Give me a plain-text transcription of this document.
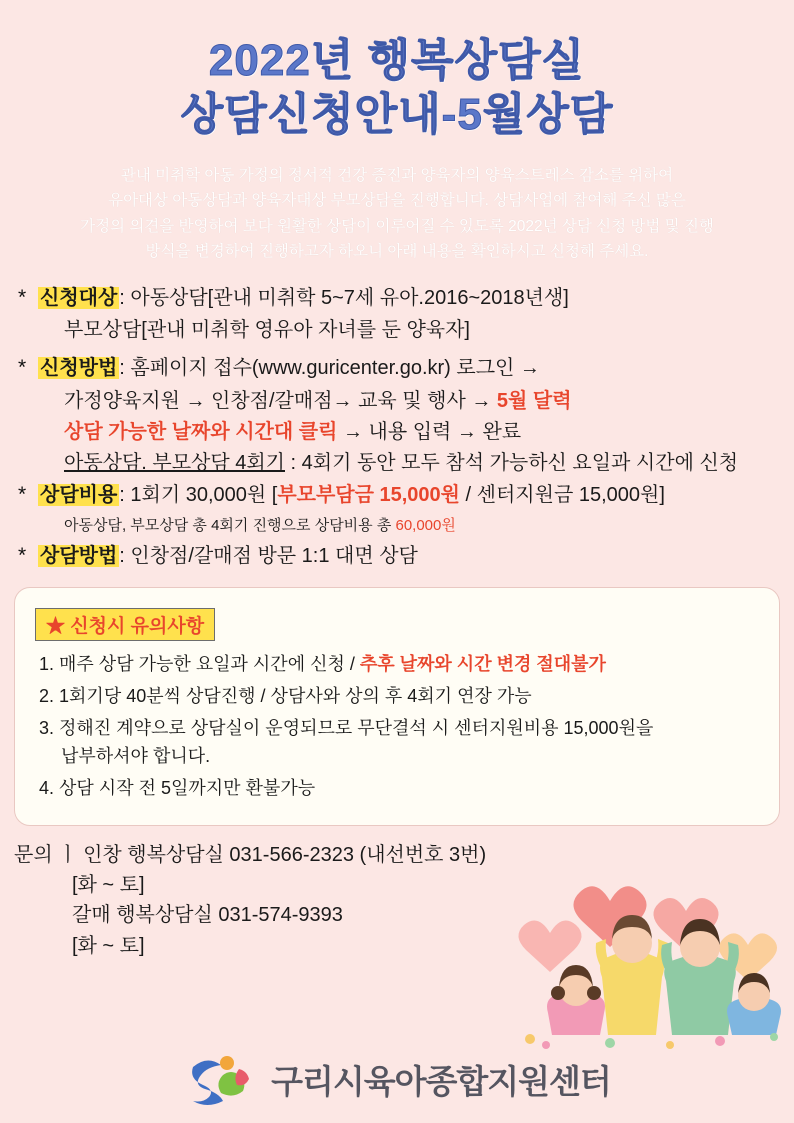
2022년 행복상담실
상담신청안내-5월상담
관내 미취학 아동 가정의 정서적 건강 증진과 양육자의 양육스트레스 감소를 위하여
유아대상 아동상담과 양육자대상 부모상담을 진행합니다. 상담사업에 참여해 주신 많은
가정의 의견을 반영하여 보다 원활한 상담이 이루어질 수 있도록 2022년 상담 신청 방법 및 진행
방식을 변경하여 진행하고자 하오니 아래 내용을 확인하시고 신청해 주세요.
* 신청대상 : 아동상담[관내 미취학 5~7세 유아.2016~2018년생]
부모상담[관내 미취학 영유아 자녀를 둔 양육자]
* 신청방법 : 홈페이지 접수(www.guricenter.go.kr) 로그인 →
가정양육지원 → 인창점/갈매점→ 교육 및 행사 → 5월 달력
상담 가능한 날짜와 시간대 클릭 → 내용 입력 → 완료
아동상담. 부모상담 4회기 : 4회기 동안 모두 참석 가능하신 요일과 시간에 신청
* 상담비용 : 1회기 30,000원 [부모부담금 15,000원 / 센터지원금 15,000원]
아동상담, 부모상담 총 4회기 진행으로 상담비용 총 60,000원
* 상담방법 : 인창점/갈매점 방문 1:1 대면 상담
★ 신청시 유의사항
1. 매주 상담 가능한 요일과 시간에 신청 / 추후 날짜와 시간 변경 절대불가
2. 1회기당 40분씩 상담진행 / 상담사와 상의 후 4회기 연장 가능
3. 정해진 계약으로 상담실이 운영되므로 무단결석 시 센터지원비용 15,000원을
납부하셔야 합니다.
4. 상담 시작 전 5일까지만 환불가능
문의 ㅣ 인창 행복상담실 031-566-2323 (내선번호 3번)
[화 ~ 토]
갈매 행복상담실 031-574-9393
[화 ~ 토]
구리시육아종합지원센터
